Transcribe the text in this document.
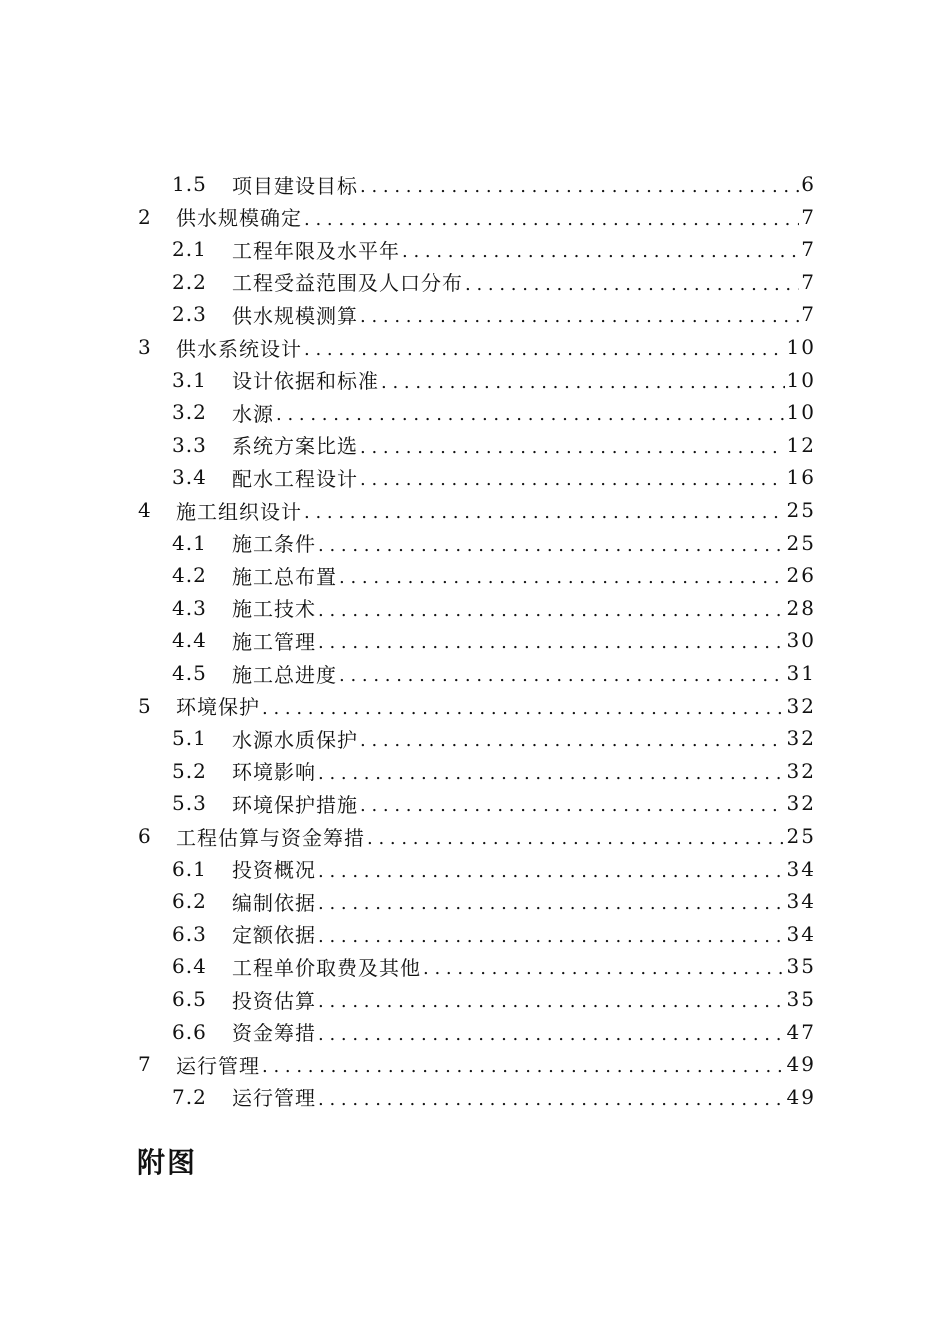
1.5	项目建设目标 . . .	6
2	供水规模确定 . . .	7
2.1	工程年限及水平年 . . .	7
2.2	工程受益范围及人口分布 . . .	7
2.3	供水规模测算 . . .	7
3	供水系统设计 . . .	10
3.1	设计依据和标准 . . .	10
3.2	水源 . . .	10
3.3	系统方案比选 . . .	12
3.4	配水工程设计 . . .	16
4	施工组织设计 . . .	25
4.1	施工条件 . . .	25
4.2	施工总布置 . . .	26
4.3	施工技术 . . .	28
4.4	施工管理 . . .	30
4.5	施工总进度 . . .	31
5	环境保护 . . .	32
5.1	水源水质保护 . . .	32
5.2	环境影响 . . .	32
5.3	环境保护措施 . . .	32
6	工程估算与资金筹措 . . .	25
6.1	投资概况 . . .	34
6.2	编制依据 . . .	34
6.3	定额依据 . . .	34
6.4	工程单价取费及其他 . . .	35
6.5	投资估算 . . .	35
6.6	资金筹措 . . .	47
7	运行管理 . . .	49
7.2	运行管理 . . .	49
附图
